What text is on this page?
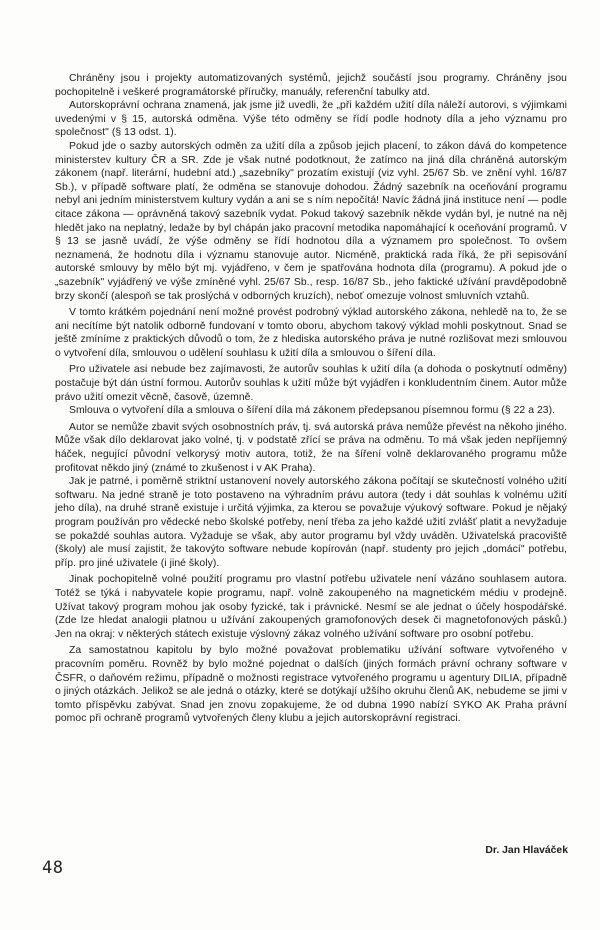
Chráněny jsou i projekty automatizovaných systémů, jejichž součástí jsou programy. Chráněny jsou pochopitelně i veškeré programátorské příručky, manuály, referenční tabulky atd.

Autorskoprávní ochrana znamená, jak jsme již uvedli, že „při každém užití díla náleží autorovi, s výjimkami uvedenými v § 15, autorská odměna. Výše této odměny se řídí podle hodnoty díla a jeho významu pro společnost" (§ 13 odst. 1).

Pokud jde o sazby autorských odměn za užití díla a způsob jejich placení, to zákon dává do kompetence ministerstev kultury ČR a SR. Zde je však nutné podotknout, že zatímco na jiná díla chráněná autorským zákonem (např. literární, hudební atd.) „sazebníky" prozatím existují (viz vyhl. 25/67 Sb. ve znění vyhl. 16/87 Sb.), v případě software platí, že odměna se stanovuje dohodou. Žádný sazebník na oceňování programu nebyl ani jedním ministerstvem kultury vydán a ani se s ním nepočítá! Navíc žádná jiná instituce není — podle citace zákona — oprávněná takový sazebník vydat. Pokud takový sazebník někde vydán byl, je nutné na něj hledět jako na neplatný, ledaže by byl chápán jako pracovní metodika napomáhající k oceňování programů. V § 13 se jasně uvádí, že výše odměny se řídí hodnotou díla a významem pro společnost. To ovšem neznamená, že hodnotu díla i významu stanovuje autor. Nicméně, praktická rada říká, že při sepisování autorské smlouvy by mělo být mj. vyjádřeno, v čem je spatřována hodnota díla (programu). A pokud jde o „sazebník" vyjádřený ve výše zmíněné vyhl. 25/67 Sb., resp. 16/87 Sb., jeho faktické užívání pravděpodobně brzy skončí (alespoň se tak proslýchá v odborných kruzích), neboť omezuje volnost smluvních vztahů.

V tomto krátkém pojednání není možné provést podrobný výklad autorského zákona, nehledě na to, že se ani necítíme být natolik odborně fundovaní v tomto oboru, abychom takový výklad mohli poskytnout. Snad se ještě zmíníme z praktických důvodů o tom, že z hlediska autorského práva je nutné rozlišovat mezi smlouvou o vytvoření díla, smlouvou o udělení souhlasu k užití díla a smlouvou o šíření díla.

Pro uživatele asi nebude bez zajímavosti, že autorův souhlas k užití díla (a dohoda o poskytnutí odměny) postačuje být dán ústní formou. Autorův souhlas k užití může být vyjádřen i konkludentním činem. Autor může právo užití omezit věcně, časově, územně.

Smlouva o vytvoření díla a smlouva o šíření díla má zákonem předepsanou písemnou formu (§ 22 a 23).

Autor se nemůže zbavit svých osobnostních práv, tj. svá autorská práva nemůže převést na někoho jiného. Může však dílo deklarovat jako volné, tj. v podstatě zřící se práva na odměnu. To má však jeden nepříjemný háček, negující původní velkorysý motiv autora, totiž, že na šíření volně deklarovaného programu může profitovat někdo jiný (známé to zkušenost i v AK Praha).

Jak je patrné, i poměrně striktní ustanovení novely autorského zákona počítají se skutečností volného užití softwaru. Na jedné straně je toto postaveno na výhradním právu autora (tedy i dát souhlas k volnému užití jeho díla), na druhé straně existuje i určitá výjimka, za kterou se považuje výukový software. Pokud je nějaký program používán pro vědecké nebo školské potřeby, není třeba za jeho každé užití zvlášť platit a nevyžaduje se pokaždé souhlas autora. Vyžaduje se však, aby autor programu byl vždy uváděn. Uživatelská pracoviště (školy) ale musí zajistit, že takovýto software nebude kopírován (např. studenty pro jejich „domácí" potřebu, příp. pro jiné uživatele (i jiné školy).

Jinak pochopitelně volné použití programu pro vlastní potřebu uživatele není vázáno souhlasem autora. Totéž se týká i nabyvatele kopie programu, např. volně zakoupeného na magnetickém médiu v prodejně. Užívat takový program mohou jak osoby fyzické, tak i právnické. Nesmí se ale jednat o účely hospodářské. (Zde lze hledat analogii platnou u užívání zakoupených gramofonových desek či magnetofonových pásků.) Jen na okraj: v některých státech existuje výslovný zákaz volného užívání software pro osobní potřebu.

Za samostatnou kapitolu by bylo možné považovat problematiku užívání software vytvořeného v pracovním poměru. Rovněž by bylo možné pojednat o dalších (jiných formách právní ochrany software v ČSFR, o daňovém režimu, případně o možnosti registrace vytvořeného programu u agentury DILIA, případně o jiných otázkách. Jelikož se ale jedná o otázky, které se dotýkají užšího okruhu členů AK, nebudeme se jimi v tomto příspěvku zabývat. Snad jen znovu zopakujeme, že od dubna 1990 nabízí SYKO AK Praha právní pomoc při ochraně programů vytvořených členy klubu a jejich autorskoprávní registraci.

Dr. Jan Hlaváček

48
